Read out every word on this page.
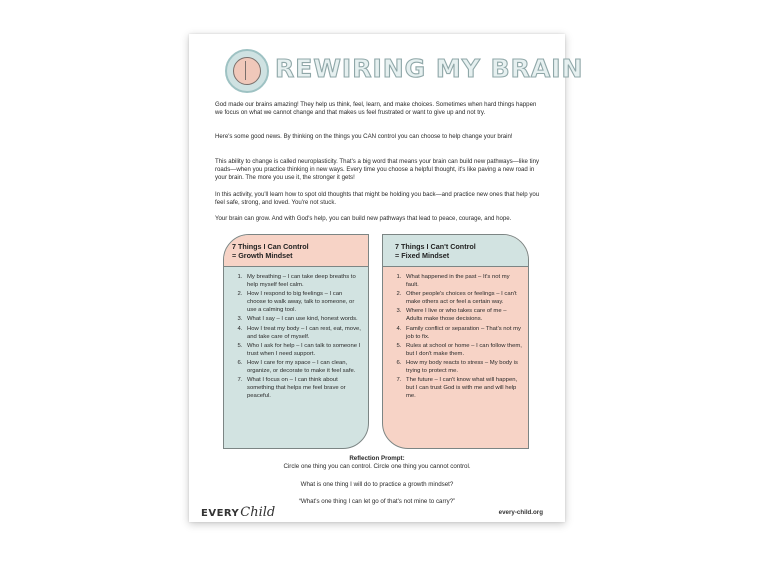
REWIRING MY BRAIN
God made our brains amazing! They help us think, feel, learn, and make choices. Sometimes when hard things happen we focus on what we cannot change and that makes us feel frustrated or want to give up and not try.
Here's some good news. By thinking on the things you CAN control you can choose to help change your brain!
This ability to change is called neuroplasticity. That's a big word that means your brain can build new pathways—like tiny roads—when you practice thinking in new ways. Every time you choose a helpful thought, it's like paving a new road in your brain. The more you use it, the stronger it gets!
In this activity, you'll learn how to spot old thoughts that might be holding you back—and practice new ones that help you feel safe, strong, and loved. You're not stuck.
Your brain can grow. And with God's help, you can build new pathways that lead to peace, courage, and hope.
7 Things I Can Control
= Growth Mindset
1. My breathing – I can take deep breaths to help myself feel calm.
2. How I respond to big feelings – I can choose to walk away, talk to someone, or use a calming tool.
3. What I say – I can use kind, honest words.
4. How I treat my body – I can rest, eat, move, and take care of myself.
5. Who I ask for help – I can talk to someone I trust when I need support.
6. How I care for my space – I can clean, organize, or decorate to make it feel safe.
7. What I focus on – I can think about something that helps me feel brave or peaceful.
7 Things I Can't Control
= Fixed Mindset
1. What happened in the past – It's not my fault.
2. Other people's choices or feelings – I can't make others act or feel a certain way.
3. Where I live or who takes care of me – Adults make those decisions.
4. Family conflict or separation – That's not my job to fix.
5. Rules at school or home – I can follow them, but I don't make them.
6. How my body reacts to stress – My body is trying to protect me.
7. The future – I can't know what will happen, but I can trust God is with me and will help me.
Reflection Prompt:
Circle one thing you can control. Circle one thing you cannot control.
What is one thing I will do to practice a growth mindset?
“What's one thing I can let go of that's not mine to carry?”
EVERYChild	every-child.org
